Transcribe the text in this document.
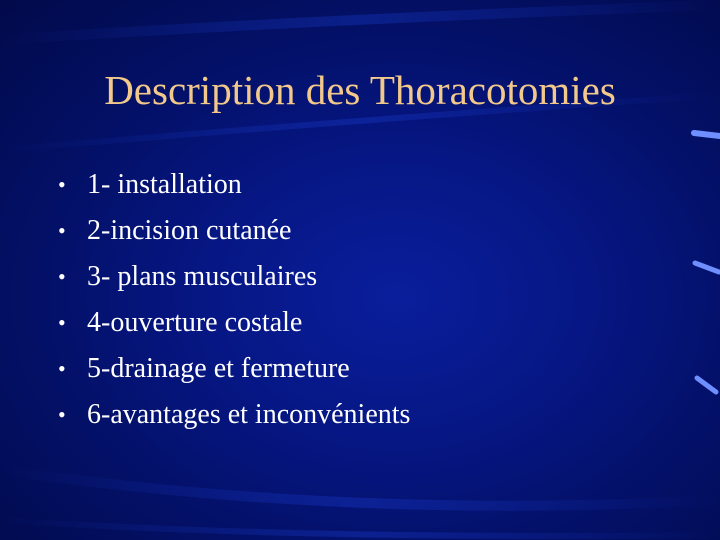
Description des Thoracotomies
• 1- installation
• 2-incision cutanée
• 3- plans musculaires
• 4-ouverture costale
• 5-drainage et fermeture
• 6-avantages et inconvénients
